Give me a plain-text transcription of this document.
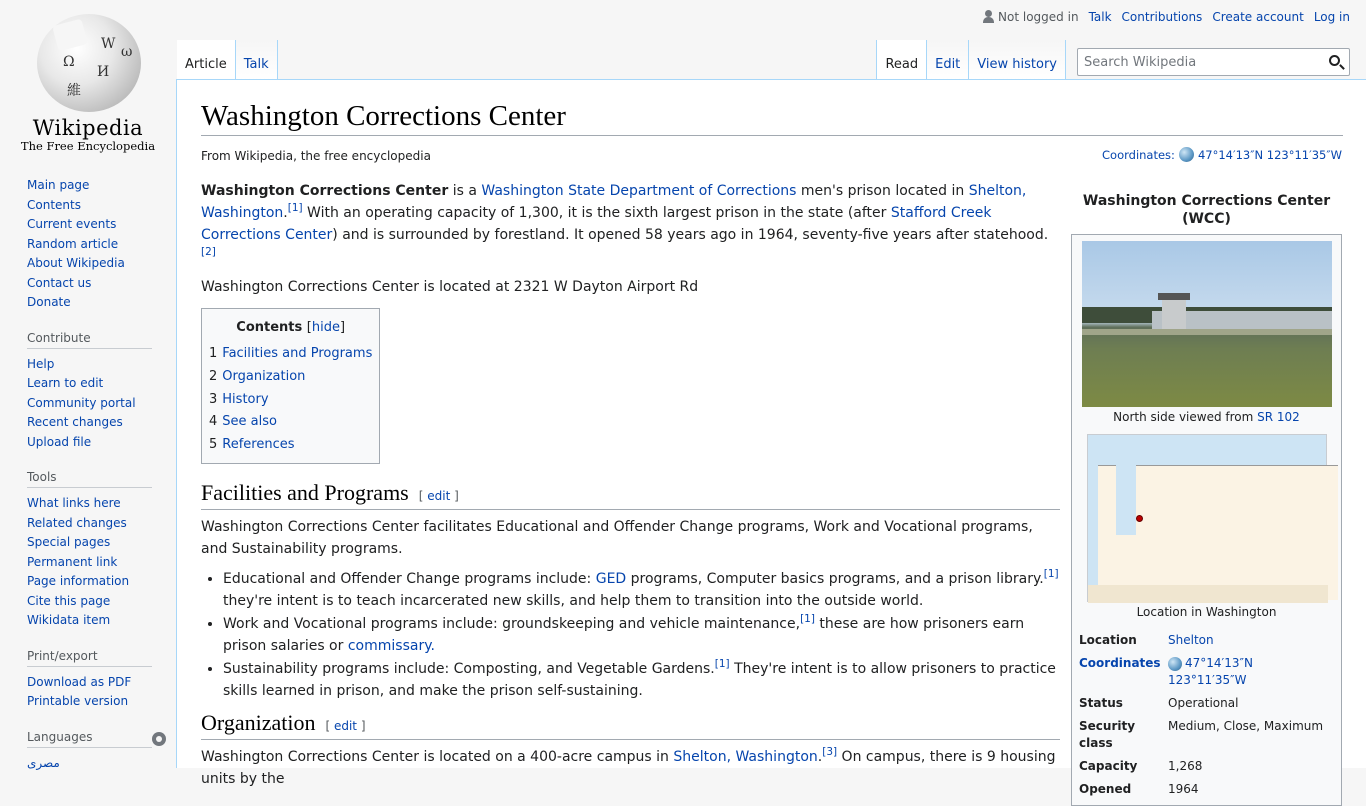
W
Ω
И
維
ω
Wikipedia
The Free Encyclopedia
Not logged in Talk Contributions Create account Log in
Article	Talk	Read	Edit	View history
Search Wikipedia
Main page
Contents
Current events
Random article
About Wikipedia
Contact us
Donate
Contribute
Help
Learn to edit
Community portal
Recent changes
Upload file
Tools
What links here
Related changes
Special pages
Permanent link
Page information
Cite this page
Wikidata item
Print/export
Download as PDF
Printable version
Languages
مصرى
Washington Corrections Center
From Wikipedia, the free encyclopedia	Coordinates: 47°14′13″N 123°11′35″W

Washington Corrections Center is a Washington State Department of Corrections men's prison located in Shelton, Washington.[1] With an operating capacity of 1,300, it is the sixth largest prison in the state (after Stafford Creek Corrections Center) and is surrounded by forestland. It opened 58 years ago in 1964, seventy-five years after statehood.[2]

Washington Corrections Center is located at 2321 W Dayton Airport Rd

Contents [hide]
1 Facilities and Programs
2 Organization
3 History
4 See also
5 References
Facilities and Programs [ edit ]

Washington Corrections Center facilitates Educational and Offender Change programs, Work and Vocational programs, and Sustainability programs.

• Educational and Offender Change programs include: GED programs, Computer basics programs, and a prison library.[1] they're intent is to teach incarcerated new skills, and help them to transition into the outside world.
• Work and Vocational programs include: groundskeeping and vehicle maintenance,[1] these are how prisoners earn prison salaries or commissary.
• Sustainability programs include: Composting, and Vegetable Gardens.[1] They're intent is to allow prisoners to practice skills learned in prison, and make the prison self-sustaining.
Organization [ edit ]

Washington Corrections Center is located on a 400-acre campus in Shelton, Washington.[3] On campus, there is 9 housing units by the

Washington Corrections Center (WCC)
North side viewed from SR 102
Location in Washington
Location	Shelton
Coordinates	47°14′13″N 123°11′35″W
Status	Operational
Security class	Medium, Close, Maximum
Capacity	1,268
Opened	1964
